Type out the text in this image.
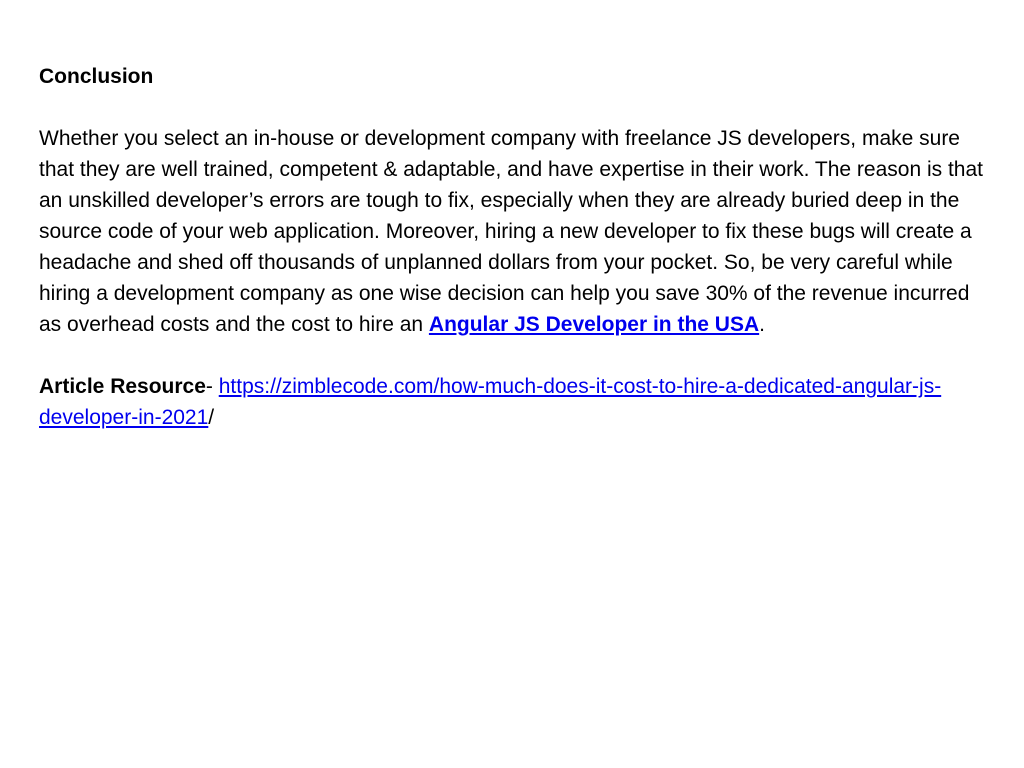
Conclusion

Whether you select an in-house or development company with freelance JS developers, make sure that they are well trained, competent & adaptable, and have expertise in their work. The reason is that an unskilled developer’s errors are tough to fix, especially when they are already buried deep in the source code of your web application. Moreover, hiring a new developer to fix these bugs will create a headache and shed off thousands of unplanned dollars from your pocket. So, be very careful while hiring a development company as one wise decision can help you save 30% of the revenue incurred as overhead costs and the cost to hire an Angular JS Developer in the USA.

Article Resource- https://zimblecode.com/how-much-does-it-cost-to-hire-a-dedicated-angular-js-developer-in-2021/
